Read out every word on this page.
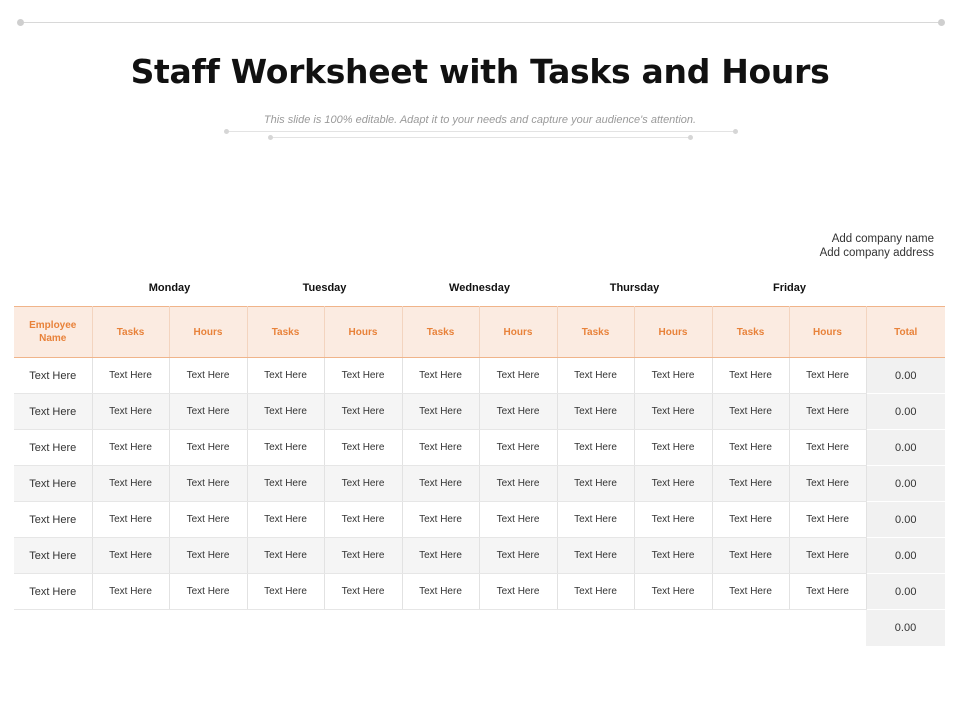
Staff Worksheet with Tasks and Hours
This slide is 100% editable. Adapt it to your needs and capture your audience's attention.
Add company name
Add company address
Monday	Tuesday	Wednesday	Thursday	Friday
Employee
Name	Tasks	Hours	Tasks	Hours	Tasks	Hours	Tasks	Hours	Tasks	Hours	Total
Text Here	Text Here	Text Here	Text Here	Text Here	Text Here	Text Here	Text Here	Text Here	Text Here	Text Here	0.00
Text Here	Text Here	Text Here	Text Here	Text Here	Text Here	Text Here	Text Here	Text Here	Text Here	Text Here	0.00
Text Here	Text Here	Text Here	Text Here	Text Here	Text Here	Text Here	Text Here	Text Here	Text Here	Text Here	0.00
Text Here	Text Here	Text Here	Text Here	Text Here	Text Here	Text Here	Text Here	Text Here	Text Here	Text Here	0.00
Text Here	Text Here	Text Here	Text Here	Text Here	Text Here	Text Here	Text Here	Text Here	Text Here	Text Here	0.00
Text Here	Text Here	Text Here	Text Here	Text Here	Text Here	Text Here	Text Here	Text Here	Text Here	Text Here	0.00
Text Here	Text Here	Text Here	Text Here	Text Here	Text Here	Text Here	Text Here	Text Here	Text Here	Text Here	0.00
											0.00
